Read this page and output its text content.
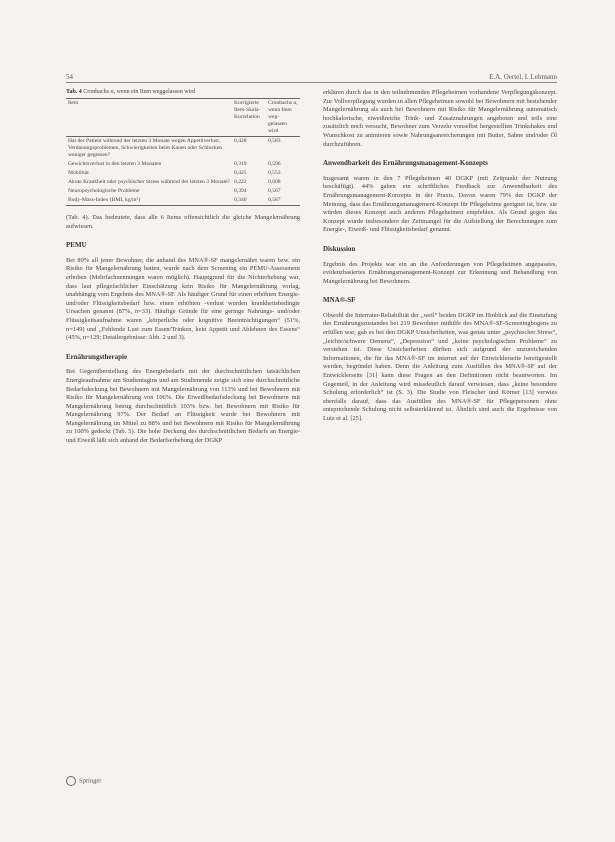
54	E.A. Oertel, I. Lehmann
Tab. 4 Cronbachs α, wenn ein Item weggelassen wird
Item	Korrigierte Item-Skala-Korrelation	Cronbachs α, wenn Item weg-gelassen wird
Hat der Patient während der letzten 3 Monate wegen Appetitverlust, Verdauungsproblemen, Schwierigkeiten beim Kauen oder Schlucken weniger gegessen?	0,428	0,583
Gewichtsverlust in den letzten 3 Monaten	0,319	0,596
Mobilität	0,425	0,553
Akute Krankheit oder psychischer Stress während der letzten 3 Monate?	0,222	0,608
Neuropsychologische Probleme	0,394	0,567
Body-Mass-Index (BMI, kg/m²)	0,340	0,587

(Tab. 4). Das bedeutete, dass alle 6 Items offensichtlich die gleiche Mangelernährung aufwiesen.

PEMU

Bei 89% all jener Bewohner, die anhand des MNA®-SF mangelernährt waren bzw. ein Risiko für Mangelernährung hatten, wurde nach dem Screening ein PEMU-Assessment erhoben (Mehrfachnennungen waren möglich). Hauptgrund für die Nichterhebung war, dass laut pflegefachlicher Einschätzung kein Risiko für Mangelernährung vorlag, unabhängig vom Ergebnis des MNA®-SF. Als häufiger Grund für einen erhöhten Energie- und/oder Flüssigkeitsbedarf bzw. einen erhöhten -verlust wurden krankheitsbedingte Ursachen genannt (87%, n=33). Häufige Gründe für eine geringe Nahrungs- und/oder Flüssigkeitsaufnahme waren „körperliche oder kognitive Beeinträchtigungen“ (51%, n=149) und „Fehlende Lust zum Essen/Trinken, kein Appetit und Ablehnen des Essens“ (45%, n=129; Detailergebnisse: Abb. 2 und 3).

Ernährungstherapie

Bei Gegenüberstellung des Energiebedarfs mit der durchschnittlichen tatsächlichen Energieaufnahme am Studientagins und am Studienende zeigte sich eine durchschnittliche Bedarfsdeckung bei Bewohnern mit Mangelernährung von 113% und bei Bewohnern mit Risiko für Mangelernährung von 106%. Die Eiweißbedarfsdeckung bei Bewohnern mit Mangelernährung betrug durchschnittlich 103% bzw. bei Bewohnern mit Risiko für Mangelernährung 97%. Der Bedarf an Flüssigkeit wurde bei Bewohnern mit Mangelernährung im Mittel zu 88% und bei Bewohnern mit Risiko für Mangelernährung zu 100% gedeckt (Tab. 5). Die hohe Deckung des durchschnittlichen Bedarfs an Energie- und Eiweiß läßt sich anhand der Bedarfserhebung der DGKP

erklären durch das in den teilnehmenden Pflegeheimen vorhandene Verpflegungskonzept. Zur Vollverpflegung wurden in allen Pflegeheimen sowohl bei Bewohnern mit bestehender Mangelernährung als auch bei Bewohnern mit Risiko für Mangelernährung automatisch hochkalorische, eiweißreiche Trink- und Zusatznahrungen angeboten und teils eine zusätzlich noch versucht, Bewohner zum Verzehr vonselbst hergestellten Trinkshakes und Wunschkost zu animieren sowie Nahrungsanreicherungen mit Butter, Sahne und/oder Öl durchzuführen.

Anwendbarkeit des Ernährungsmanagement-Konzepts

Insgesamt waren in den 7 Pflegeheimen 40 DGKP (mit Zeitpunkt der Nutzung beschäftigt). 44% gaben ein schriftliches Feedback zur Anwendbarkeit des Ernährungsmanagement-Konzepts in der Praxis. Davon waren 79% der DGKP der Meinung, dass das Ernährungsmanagement-Konzept für Pflegeheime geeignet ist, bzw. sie würden dieses Konzept auch anderen Pflegeheimen empfehlen. Als Grund gegen das Konzept wurde insbesondere der Zeitmangel für die Aufstellung der Berechnungen zum Energie-, Eiweiß- und Flüssigkeitsbedarf genannt.

Diskussion

Ergebnis des Projekts war ein an die Anforderungen von Pflegeheimen angepasstes, evidenzbasiertes Ernährungsmanagement-Konzept zur Erkennung und Behandlung von Mangelernährung bei Bewohnern.

MNA®-SF

Obwohl die Interrater-Reliabilität der „weil“ beiden DGKP im Hinblick auf die Einstufung des Ernährungszustandes bei 219 Bewohner mithilfe des MNA®-SF-Screeningbogens zu erfüllen war, gab es bei den DGKP Unsicherheiten, was genau unter „psychischer Stress“, „leichte/schwere Demenz“, „Depression“ und „keine psychologischen Probleme“ zu verstehen ist. Diese Unsicherheiten dürften sich aufgrund der unzureichenden Informationen, die für das MNA®-SF im internet auf der Entwicklerseite bereitgestellt werden, begründet haben. Denn die Anleitung zum Ausfüllen des MNA®-SF auf der Entwicklerseite [31] kann diese Fragen an den Definitionen nicht beantworten. Im Gegenteil, in der Anleitung wird missdeutlich darauf verwiesen, dass „keine besondere Schulung erforderlich“ ist (S. 3). Die Studie von Fleischer und Körner [13] verwies ebenfalls darauf, dass das Ausfüllen des MNA®-SF für Pflegepersonen ohne entsprechende Schulung nicht selbsterklärend ist. Ähnlich sind auch die Ergebnisse von Lutz et al. [25].

Springer
